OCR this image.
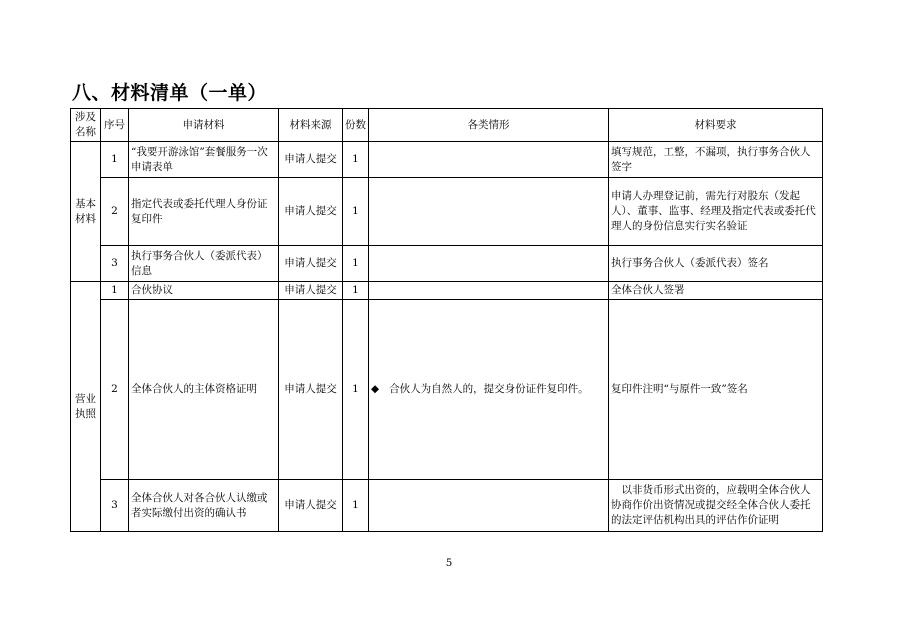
八、材料清单（一单）
涉及名称	序号	申请材料	材料来源	份数	各类情形	材料要求
基本材料	1	“我要开游泳馆”套餐服务一次申请表单	申请人提交	1		填写规范，工整，不漏项，执行事务合伙人签字
	2	指定代表或委托代理人身份证复印件	申请人提交	1		申请人办理登记前，需先行对股东（发起人）、董事、监事、经理及指定代表或委托代理人的身份信息实行实名验证
	3	执行事务合伙人（委派代表）信息	申请人提交	1		执行事务合伙人（委派代表）签名
营业执照	1	合伙协议	申请人提交	1		全体合伙人签署
	2	全体合伙人的主体资格证明	申请人提交	1	◆ 合伙人为自然人的，提交身份证件复印件。	复印件注明“与原件一致”签名
	3	全体合伙人对各合伙人认缴或者实际缴付出资的确认书	申请人提交	1		以非货币形式出资的，应载明全体合伙人协商作价出资情况或提交经全体合伙人委托的法定评估机构出具的评估作价证明
5
